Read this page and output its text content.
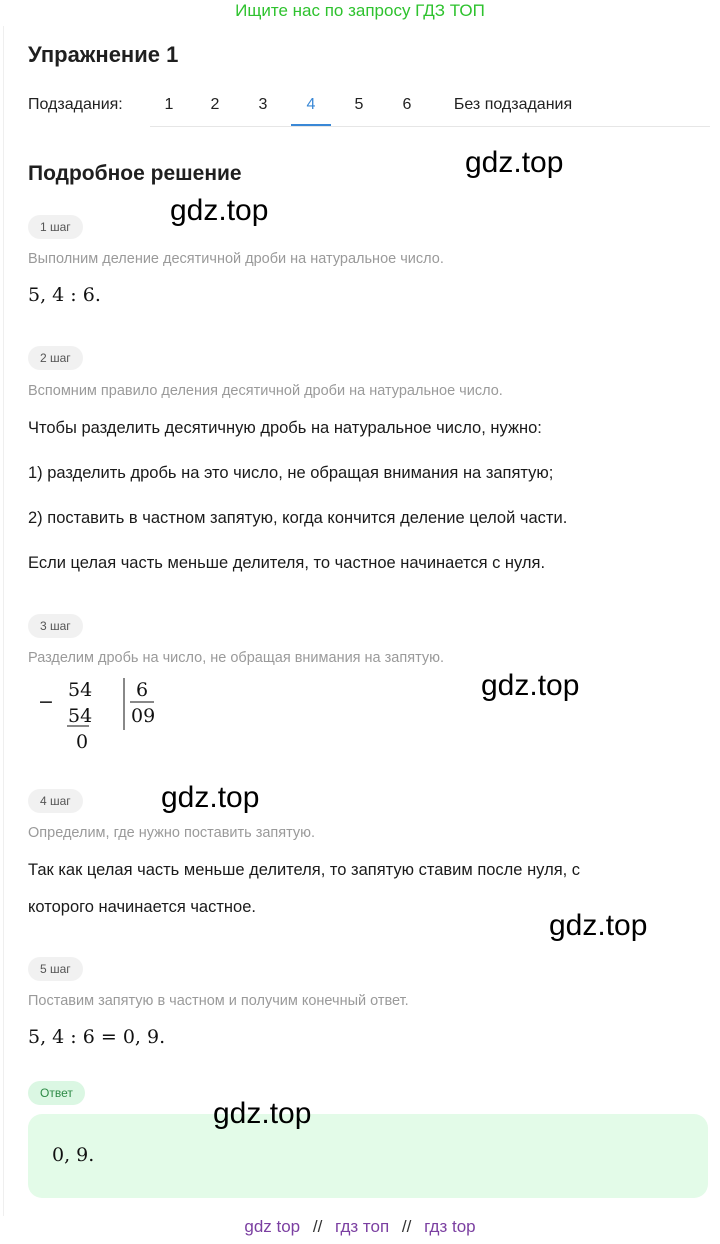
Ищите нас по запросу ГДЗ ТОП
Упражнение 1
Подзадания:	1	2	3	4	5	6	Без подзадания
Подробное решение
1 шаг
Выполним деление десятичной дроби на натуральное число.
5, 4 : 6.
2 шаг
Вспомним правило деления десятичной дроби на натуральное число.
Чтобы разделить десятичную дробь на натуральное число, нужно:
1) разделить дробь на это число, не обращая внимания на запятую;
2) поставить в частном запятую, когда кончится деление целой части.
Если целая часть меньше делителя, то частное начинается с нуля.
3 шаг
Разделим дробь на число, не обращая внимания на запятую.
−
54
54
0
6
09
4 шаг
Определим, где нужно поставить запятую.
Так как целая часть меньше делителя, то запятую ставим после нуля, с
которого начинается частное.
5 шаг
Поставим запятую в частном и получим конечный ответ.
5, 4 : 6 = 0, 9.
Ответ
0, 9.
gdz.top
gdz.top
gdz.top
gdz.top
gdz.top
gdz.top
gdz top // гдз топ // гдз top
